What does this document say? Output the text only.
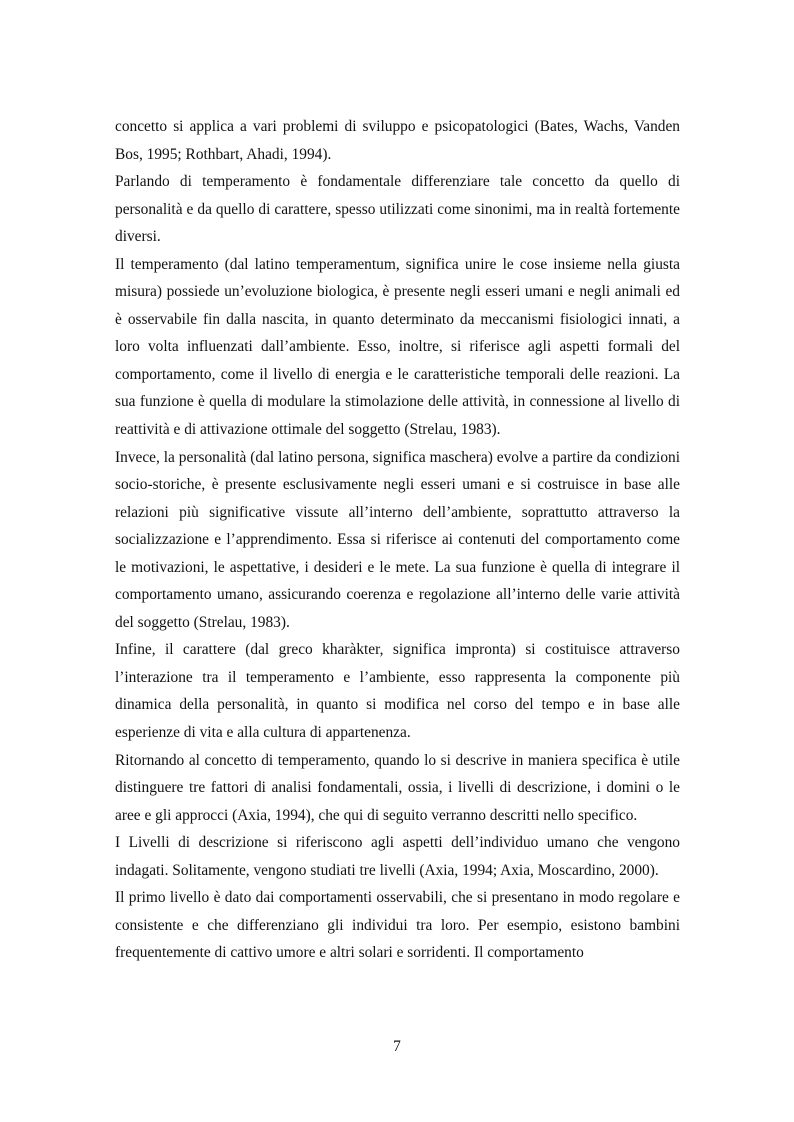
concetto si applica a vari problemi di sviluppo e psicopatologici (Bates, Wachs, Vanden Bos, 1995; Rothbart, Ahadi, 1994).

Parlando di temperamento è fondamentale differenziare tale concetto da quello di personalità e da quello di carattere, spesso utilizzati come sinonimi, ma in realtà fortemente diversi.

Il temperamento (dal latino temperamentum, significa unire le cose insieme nella giusta misura) possiede un’evoluzione biologica, è presente negli esseri umani e negli animali ed è osservabile fin dalla nascita, in quanto determinato da meccanismi fisiologici innati, a loro volta influenzati dall’ambiente. Esso, inoltre, si riferisce agli aspetti formali del comportamento, come il livello di energia e le caratteristiche temporali delle reazioni. La sua funzione è quella di modulare la stimolazione delle attività, in connessione al livello di reattività e di attivazione ottimale del soggetto (Strelau, 1983).

Invece, la personalità (dal latino persona, significa maschera) evolve a partire da condizioni socio-storiche, è presente esclusivamente negli esseri umani e si costruisce in base alle relazioni più significative vissute all’interno dell’ambiente, soprattutto attraverso la socializzazione e l’apprendimento. Essa si riferisce ai contenuti del comportamento come le motivazioni, le aspettative, i desideri e le mete. La sua funzione è quella di integrare il comportamento umano, assicurando coerenza e regolazione all’interno delle varie attività del soggetto (Strelau, 1983).

Infine, il carattere (dal greco kharàkter, significa impronta) si costituisce attraverso l’interazione tra il temperamento e l’ambiente, esso rappresenta la componente più dinamica della personalità, in quanto si modifica nel corso del tempo e in base alle esperienze di vita e alla cultura di appartenenza.

Ritornando al concetto di temperamento, quando lo si descrive in maniera specifica è utile distinguere tre fattori di analisi fondamentali, ossia, i livelli di descrizione, i domini o le aree e gli approcci (Axia, 1994), che qui di seguito verranno descritti nello specifico.

I Livelli di descrizione si riferiscono agli aspetti dell’individuo umano che vengono indagati. Solitamente, vengono studiati tre livelli (Axia, 1994; Axia, Moscardino, 2000).

Il primo livello è dato dai comportamenti osservabili, che si presentano in modo regolare e consistente e che differenziano gli individui tra loro. Per esempio, esistono bambini frequentemente di cattivo umore e altri solari e sorridenti. Il comportamento

7
